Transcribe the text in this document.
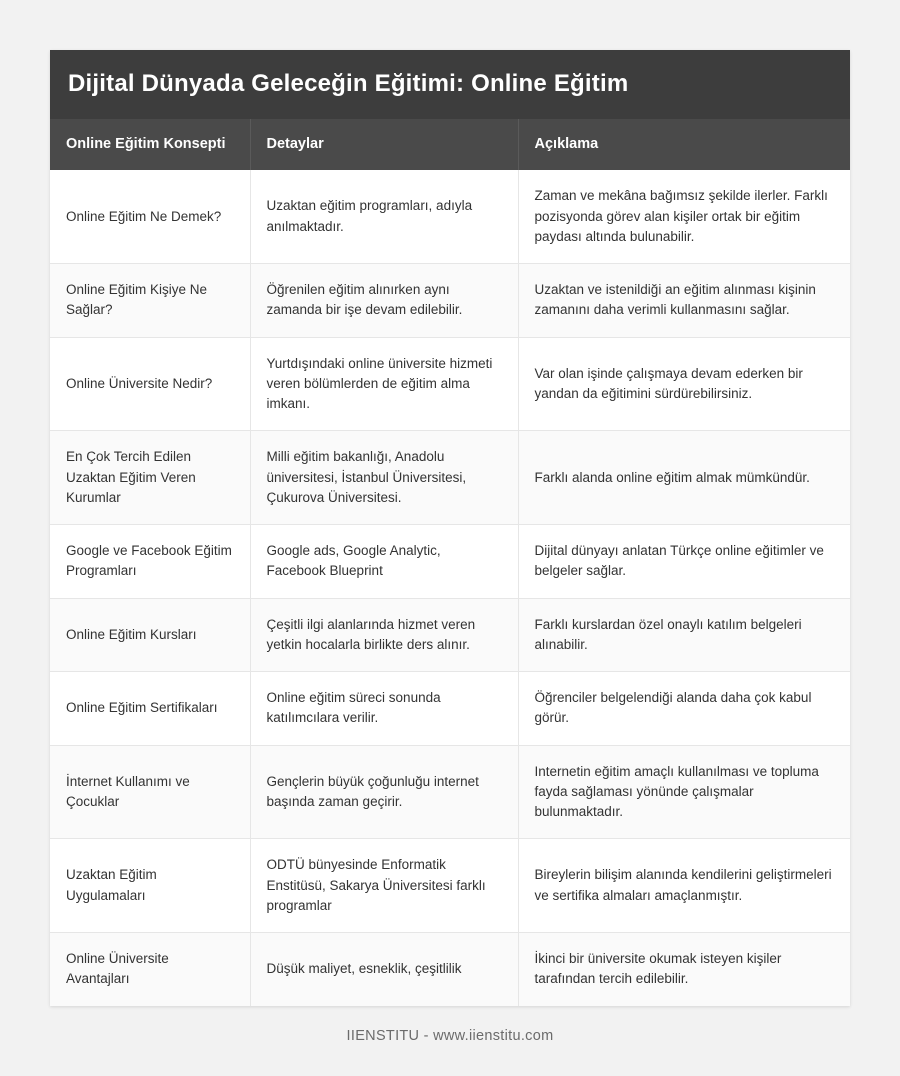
Dijital Dünyada Geleceğin Eğitimi: Online Eğitim
Online Eğitim Konsepti	Detaylar	Açıklama
Online Eğitim Ne Demek?	Uzaktan eğitim programları, adıyla anılmaktadır.	Zaman ve mekâna bağımsız şekilde ilerler. Farklı pozisyonda görev alan kişiler ortak bir eğitim paydası altında bulunabilir.
Online Eğitim Kişiye Ne Sağlar?	Öğrenilen eğitim alınırken aynı zamanda bir işe devam edilebilir.	Uzaktan ve istenildiği an eğitim alınması kişinin zamanını daha verimli kullanmasını sağlar.
Online Üniversite Nedir?	Yurtdışındaki online üniversite hizmeti veren bölümlerden de eğitim alma imkanı.	Var olan işinde çalışmaya devam ederken bir yandan da eğitimini sürdürebilirsiniz.
En Çok Tercih Edilen Uzaktan Eğitim Veren Kurumlar	Milli eğitim bakanlığı, Anadolu üniversitesi, İstanbul Üniversitesi, Çukurova Üniversitesi.	Farklı alanda online eğitim almak mümkündür.
Google ve Facebook Eğitim Programları	Google ads, Google Analytic, Facebook Blueprint	Dijital dünyayı anlatan Türkçe online eğitimler ve belgeler sağlar.
Online Eğitim Kursları	Çeşitli ilgi alanlarında hizmet veren yetkin hocalarla birlikte ders alınır.	Farklı kurslardan özel onaylı katılım belgeleri alınabilir.
Online Eğitim Sertifikaları	Online eğitim süreci sonunda katılımcılara verilir.	Öğrenciler belgelendiği alanda daha çok kabul görür.
İnternet Kullanımı ve Çocuklar	Gençlerin büyük çoğunluğu internet başında zaman geçirir.	Internetin eğitim amaçlı kullanılması ve topluma fayda sağlaması yönünde çalışmalar bulunmaktadır.
Uzaktan Eğitim Uygulamaları	ODTÜ bünyesinde Enformatik Enstitüsü, Sakarya Üniversitesi farklı programlar	Bireylerin bilişim alanında kendilerini geliştirmeleri ve sertifika almaları amaçlanmıştır.
Online Üniversite Avantajları	Düşük maliyet, esneklik, çeşitlilik	İkinci bir üniversite okumak isteyen kişiler tarafından tercih edilebilir.
IIENSTITU - www.iienstitu.com
